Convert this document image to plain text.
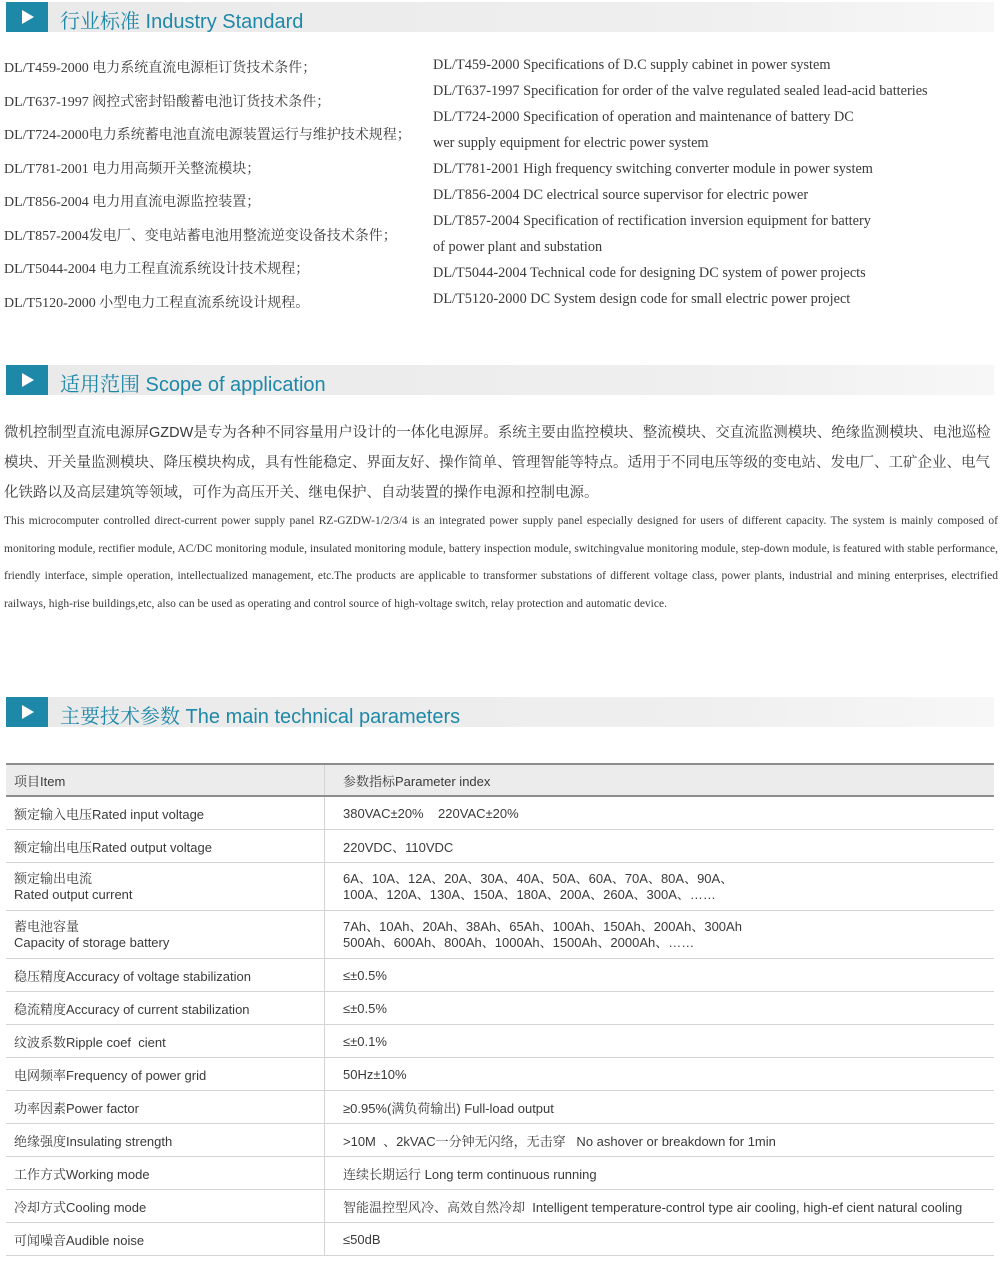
行业标准 Industry Standard
DL/T459-2000 电力系统直流电源柜订货技术条件；
DL/T637-1997 阀控式密封铅酸蓄电池订货技术条件；
DL/T724-2000电力系统蓄电池直流电源装置运行与维护技术规程；
DL/T781-2001 电力用高频开关整流模块；
DL/T856-2004 电力用直流电源监控装置；
DL/T857-2004发电厂、变电站蓄电池用整流逆变设备技术条件；
DL/T5044-2004 电力工程直流系统设计技术规程；
DL/T5120-2000 小型电力工程直流系统设计规程。
DL/T459-2000 Specifications of D.C supply cabinet in power system
DL/T637-1997 Specification for order of the valve regulated sealed lead-acid batteries
DL/T724-2000 Specification of operation and maintenance of battery DC
wer supply equipment for electric power system
DL/T781-2001 High frequency switching converter module in power system
DL/T856-2004 DC electrical source supervisor for electric power
DL/T857-2004 Specification of rectification inversion equipment for battery
of power plant and substation
DL/T5044-2004 Technical code for designing DC system of power projects
DL/T5120-2000 DC System design code for small electric power project
适用范围 Scope of application

微机控制型直流电源屏GZDW是专为各种不同容量用户设计的一体化电源屏。系统主要由监控模块、整流模块、交直流监测模块、绝缘监测模块、电池巡检模块、开关量监测模块、降压模块构成，具有性能稳定、界面友好、操作简单、管理智能等特点。适用于不同电压等级的变电站、发电厂、工矿企业、电气化铁路以及高层建筑等领域，可作为高压开关、继电保护、自动装置的操作电源和控制电源。

This microcomputer controlled direct-current power supply panel RZ-GZDW-1/2/3/4 is an integrated power supply panel especially designed for users of different capacity. The system is mainly composed of monitoring module, rectifier module, AC/DC monitoring module, insulated monitoring module, battery inspection module, switchingvalue monitoring module, step-down module, is featured with stable performance, friendly interface, simple operation, intellectualized management, etc.The products are applicable to transformer substations of different voltage class, power plants, industrial and mining enterprises, electrified railways, high-rise buildings,etc, also can be used as operating and control source of high-voltage switch, relay protection and automatic device.

主要技术参数 The main technical parameters
项目Item	参数指标Parameter index

额定输入电压Rated input voltage	380VAC±20%    220VAC±20%

额定输出电压Rated output voltage	220VDC、110VDC

额定输出电流
Rated output current	6A、10A、12A、20A、30A、40A、50A、60A、70A、80A、90A、
100A、120A、130A、150A、180A、200A、260A、300A、……

蓄电池容量
Capacity of storage battery	7Ah、10Ah、20Ah、38Ah、65Ah、100Ah、150Ah、200Ah、300Ah
500Ah、600Ah、800Ah、1000Ah、1500Ah、2000Ah、……

稳压精度Accuracy of voltage stabilization	≤±0.5%

稳流精度Accuracy of current stabilization	≤±0.5%

纹波系数Ripple coef  cient	≤±0.1%

电网频率Frequency of power grid	50Hz±10%

功率因素Power factor	≥0.95%(满负荷输出) Full-load output

绝缘强度Insulating strength	>10M  、2kVAC一分钟无闪络，无击穿   No ashover or breakdown for 1min

工作方式Working mode	连续长期运行 Long term continuous running

冷却方式Cooling mode	智能温控型风冷、高效自然冷却  Intelligent temperature-control type air cooling, high-ef cient natural cooling

可闻噪音Audible noise	≤50dB
